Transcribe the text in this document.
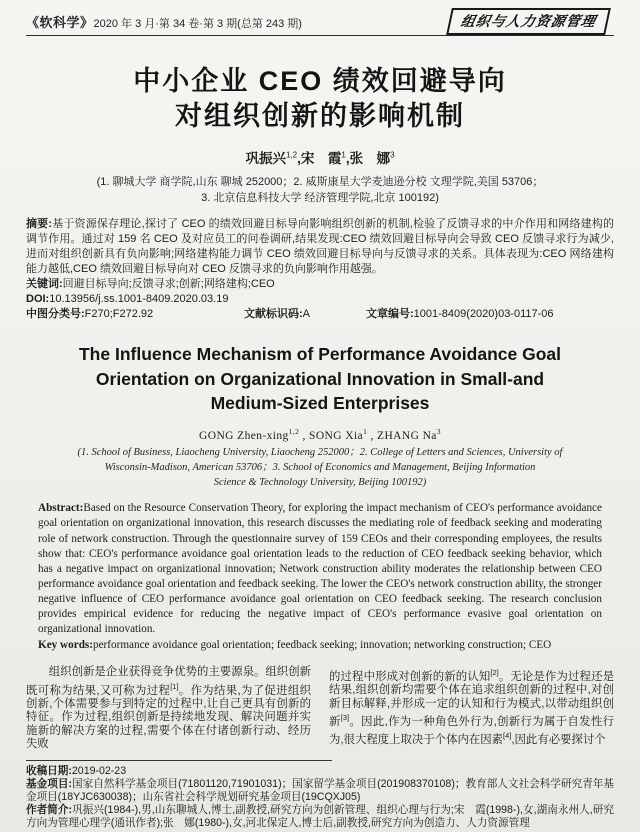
《软科学》2020 年 3 月·第 34 卷·第 3 期(总第 243 期)	组织与人力资源管理
中小企业 CEO 绩效回避导向
对组织创新的影响机制
巩振兴$^{1,2}$,宋　霞$^1$,张　娜$^3$
(1. 聊城大学 商学院,山东 聊城 252000；2. 威斯康星大学麦迪逊分校 文理学院,美国 53706；
3. 北京信息科技大学 经济管理学院,北京 100192)

摘要:基于资源保存理论,探讨了 CEO 的绩效回避目标导向影响组织创新的机制,检验了反馈寻求的中介作用和网络建构的调节作用。通过对 159 名 CEO 及对应员工的问卷调研,结果发现:CEO 绩效回避目标导向会导致 CEO 反馈寻求行为减少,进而对组织创新具有负向影响;网络建构能力调节 CEO 绩效回避目标导向与反馈寻求的关系。具体表现为:CEO 网络建构能力越低,CEO 绩效回避目标导向对 CEO 反馈寻求的负向影响作用越强。

关键词:回避目标导向;反馈寻求;创新;网络建构;CEO

DOI:10.13956/j.ss.1001-8409.2020.03.19

中图分类号:F270;F272.92	文献标识码:A	文章编号:1001-8409(2020)03-0117-06
The Influence Mechanism of Performance Avoidance Goal
Orientation on Organizational Innovation in Small-and
Medium-Sized Enterprises
GONG Zhen-xing$^{1,2}$ , SONG Xia$^1$ , ZHANG Na$^3$
(1. School of Business, Liaocheng University, Liaocheng 252000；2. College of Letters and Sciences, University of
Wisconsin-Madison, American 53706；3. School of Economics and Management, Beijing Information
Science & Technology University, Beijing 100192)
Abstract:Based on the Resource Conservation Theory, for exploring the impact mechanism of CEO's performance avoidance goal orientation on organizational innovation, this research discusses the mediating role of feedback seeking and moderating role of network construction. Through the questionnaire survey of 159 CEOs and their corresponding employees, the results show that: CEO's performance avoidance goal orientation leads to the reduction of CEO feedback seeking behavior, which has a negative impact on organizational innovation; Network construction ability moderates the relationship between CEO performance avoidance goal orientation and feedback seeking. The lower the CEO's network construction ability, the stronger negative influence of CEO performance avoidance goal orientation on CEO feedback seeking. The research conclusion provides empirical evidence for reducing the negative impact of CEO's performance evasive goal orientation on organizational innovation.
Key words:performance avoidance goal orientation; feedback seeking; innovation; networking construction; CEO
组织创新是企业获得竞争优势的主要源泉。组织创新既可称为结果,又可称为过程[1]。作为结果,为了促进组织创新,个体需要参与到特定的过程中,让自己更具有创新的特征。作为过程,组织创新是持续地发现、解决问题并实施新的解决方案的过程,需要个体在付诸创新行动、经历失败
的过程中形成对创新的新的认知[2]。无论是作为过程还是结果,组织创新均需要个体在追求组织创新的过程中,对创新目标解释,并形成一定的认知和行为模式,以带动组织创新[3]。因此,作为一种角色外行为,创新行为属于自发性行为,很大程度上取决于个体内在因素[4],因此有必要探讨个

收稿日期:2019-02-23

基金项目:国家自然科学基金项目(71801120,71901031)；国家留学基金项目(201908370108)；教育部人文社会科学研究青年基金项目(18YJC630038)；山东省社会科学规划研究基金项目(19CQXJ05)

作者简介:巩振兴(1984-),男,山东聊城人,博士,副教授,研究方向为创新管理、组织心理与行为;宋　霞(1998-),女,湖南永州人,研究方向为管理心理学(通讯作者);张　娜(1980-),女,河北保定人,博士后,副教授,研究方向为创造力、人力资源管理
